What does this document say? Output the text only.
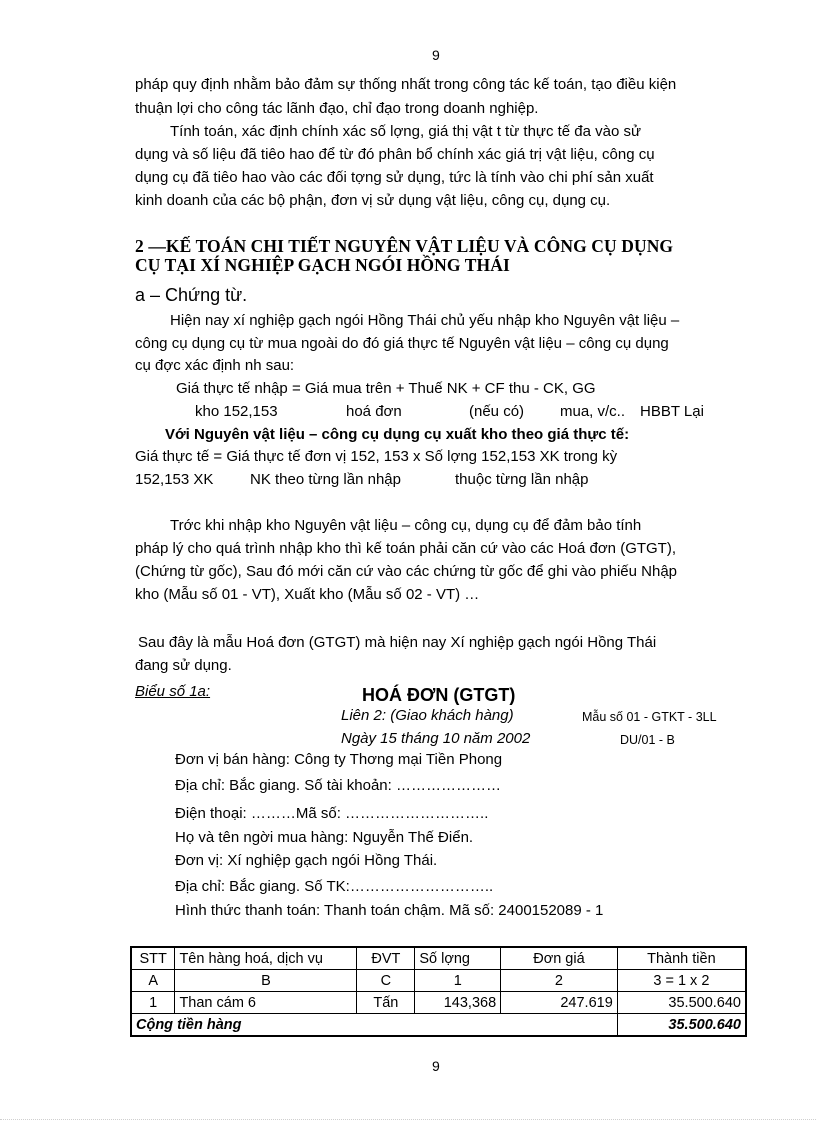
9
pháp quy định nhằm bảo đảm sự thống nhất trong công tác kế toán, tạo điều kiện
thuận lợi cho công tác lãnh đạo, chỉ đạo trong doanh nghiệp.
Tính toán, xác định chính xác số lợng, giá thị vật t từ thực tế đa vào sử
dụng và số liệu đã tiêo hao để từ đó phân bổ chính xác giá trị vật liệu, công cụ
dụng cụ đã tiêo hao vào các đối tợng sử dụng, tức là tính vào chi phí sản xuất
kinh doanh của các bộ phận, đơn vị sử dụng vật liệu, công cụ, dụng cụ.
2 —KẾ TOÁN CHI TIẾT NGUYÊN VẬT LIỆU VÀ CÔNG CỤ DỤNG
CỤ TẠI XÍ NGHIỆP GẠCH NGÓI HỒNG THÁI
a – Chứng từ.
Hiện nay xí nghiệp gạch ngói Hồng Thái chủ yếu nhập kho Nguyên vật liệu –
công cụ dụng cụ từ mua ngoài do đó giá thực tế Nguyên vật liệu – công cụ dụng
cụ đợc xác định nh sau:
Giá thực tế nhập = Giá mua trên + Thuế NK + CF thu - CK, GG
kho 152,153	hoá đơn	(nếu có) mua, v/c.. HBBT Lại
Với Nguyên vật liệu – công cụ dụng cụ xuất kho theo giá thực tế:
Giá thực tế = Giá thực tế đơn vị 152, 153 x Số lợng 152,153 XK trong kỳ
152,153 XK NK theo từng lần nhập	thuộc từng lần nhập
Trớc khi nhập kho Nguyên vật liệu – công cụ, dụng cụ để đảm bảo tính
pháp lý cho quá trình nhập kho thì kế toán phải căn cứ vào các Hoá đơn (GTGT),
(Chứng từ gốc), Sau đó mới căn cứ vào các chứng từ gốc để ghi vào phiếu Nhập
kho (Mẫu số 01 - VT), Xuất kho (Mẫu số 02 - VT) …
Sau đây là mẫu Hoá đơn (GTGT) mà hiện nay Xí nghiệp gạch ngói Hồng Thái
đang sử dụng.
Biểu số 1a:	HOÁ ĐƠN (GTGT)
Liên 2: (Giao khách hàng)	Mẫu số 01 - GTKT - 3LL
Ngày 15 tháng 10 năm 2002	DU/01 - B
Đơn vị bán hàng: Công ty Thơng mại Tiền Phong
Địa chỉ: Bắc giang. Số tài khoản: …………………
Điện thoại: ………Mã số: ………………………..
Họ và tên ngời mua hàng: Nguyễn Thế Điển.
Đơn vị: Xí nghiệp gạch ngói Hồng Thái.
Địa chỉ: Bắc giang. Số TK:………………………..
Hình thức thanh toán: Thanh toán chậm. Mã số: 2400152089 - 1
STT	Tên hàng hoá, dịch vụ	ĐVT	Số lợng	Đơn giá	Thành tiền
A	B	C	1	2	3 = 1 x 2
1	Than cám 6	Tấn	143,368	247.619	35.500.640
Cộng tiền hàng					35.500.640
9
